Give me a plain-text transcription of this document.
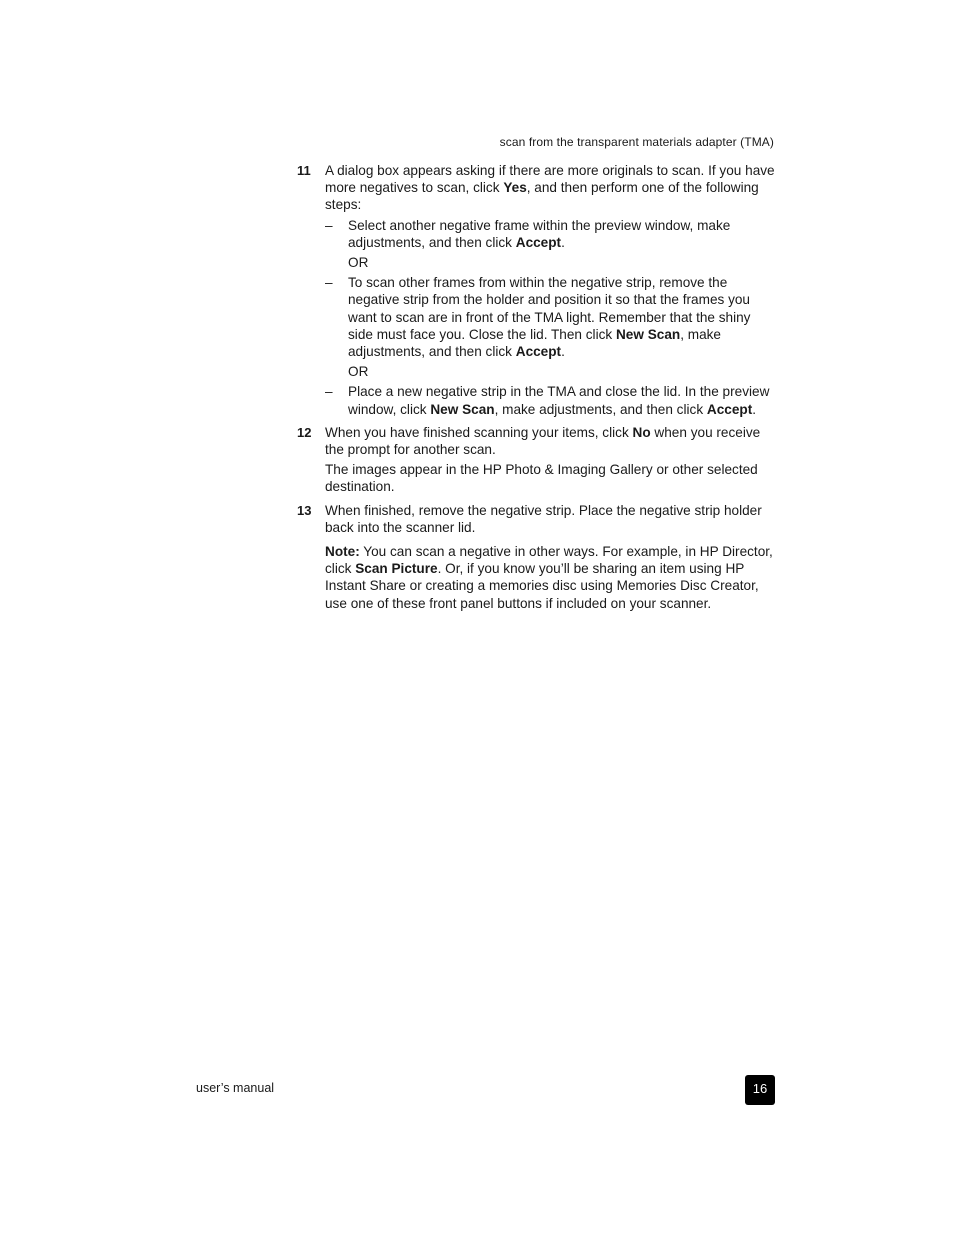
scan from the transparent materials adapter (TMA)
11 A dialog box appears asking if there are more originals to scan. If you have more negatives to scan, click Yes, and then perform one of the following steps:

– Select another negative frame within the preview window, make adjustments, and then click Accept.
OR
– To scan other frames from within the negative strip, remove the negative strip from the holder and position it so that the frames you want to scan are in front of the TMA light. Remember that the shiny side must face you. Close the lid. Then click New Scan, make adjustments, and then click Accept.
OR
– Place a new negative strip in the TMA and close the lid. In the preview window, click New Scan, make adjustments, and then click Accept.
12 When you have finished scanning your items, click No when you receive the prompt for another scan.

The images appear in the HP Photo & Imaging Gallery or other selected destination.

13 When finished, remove the negative strip. Place the negative strip holder back into the scanner lid.

Note: You can scan a negative in other ways. For example, in HP Director, click Scan Picture. Or, if you know you’ll be sharing an item using HP Instant Share or creating a memories disc using Memories Disc Creator, use one of these front panel buttons if included on your scanner.

user’s manual	16
